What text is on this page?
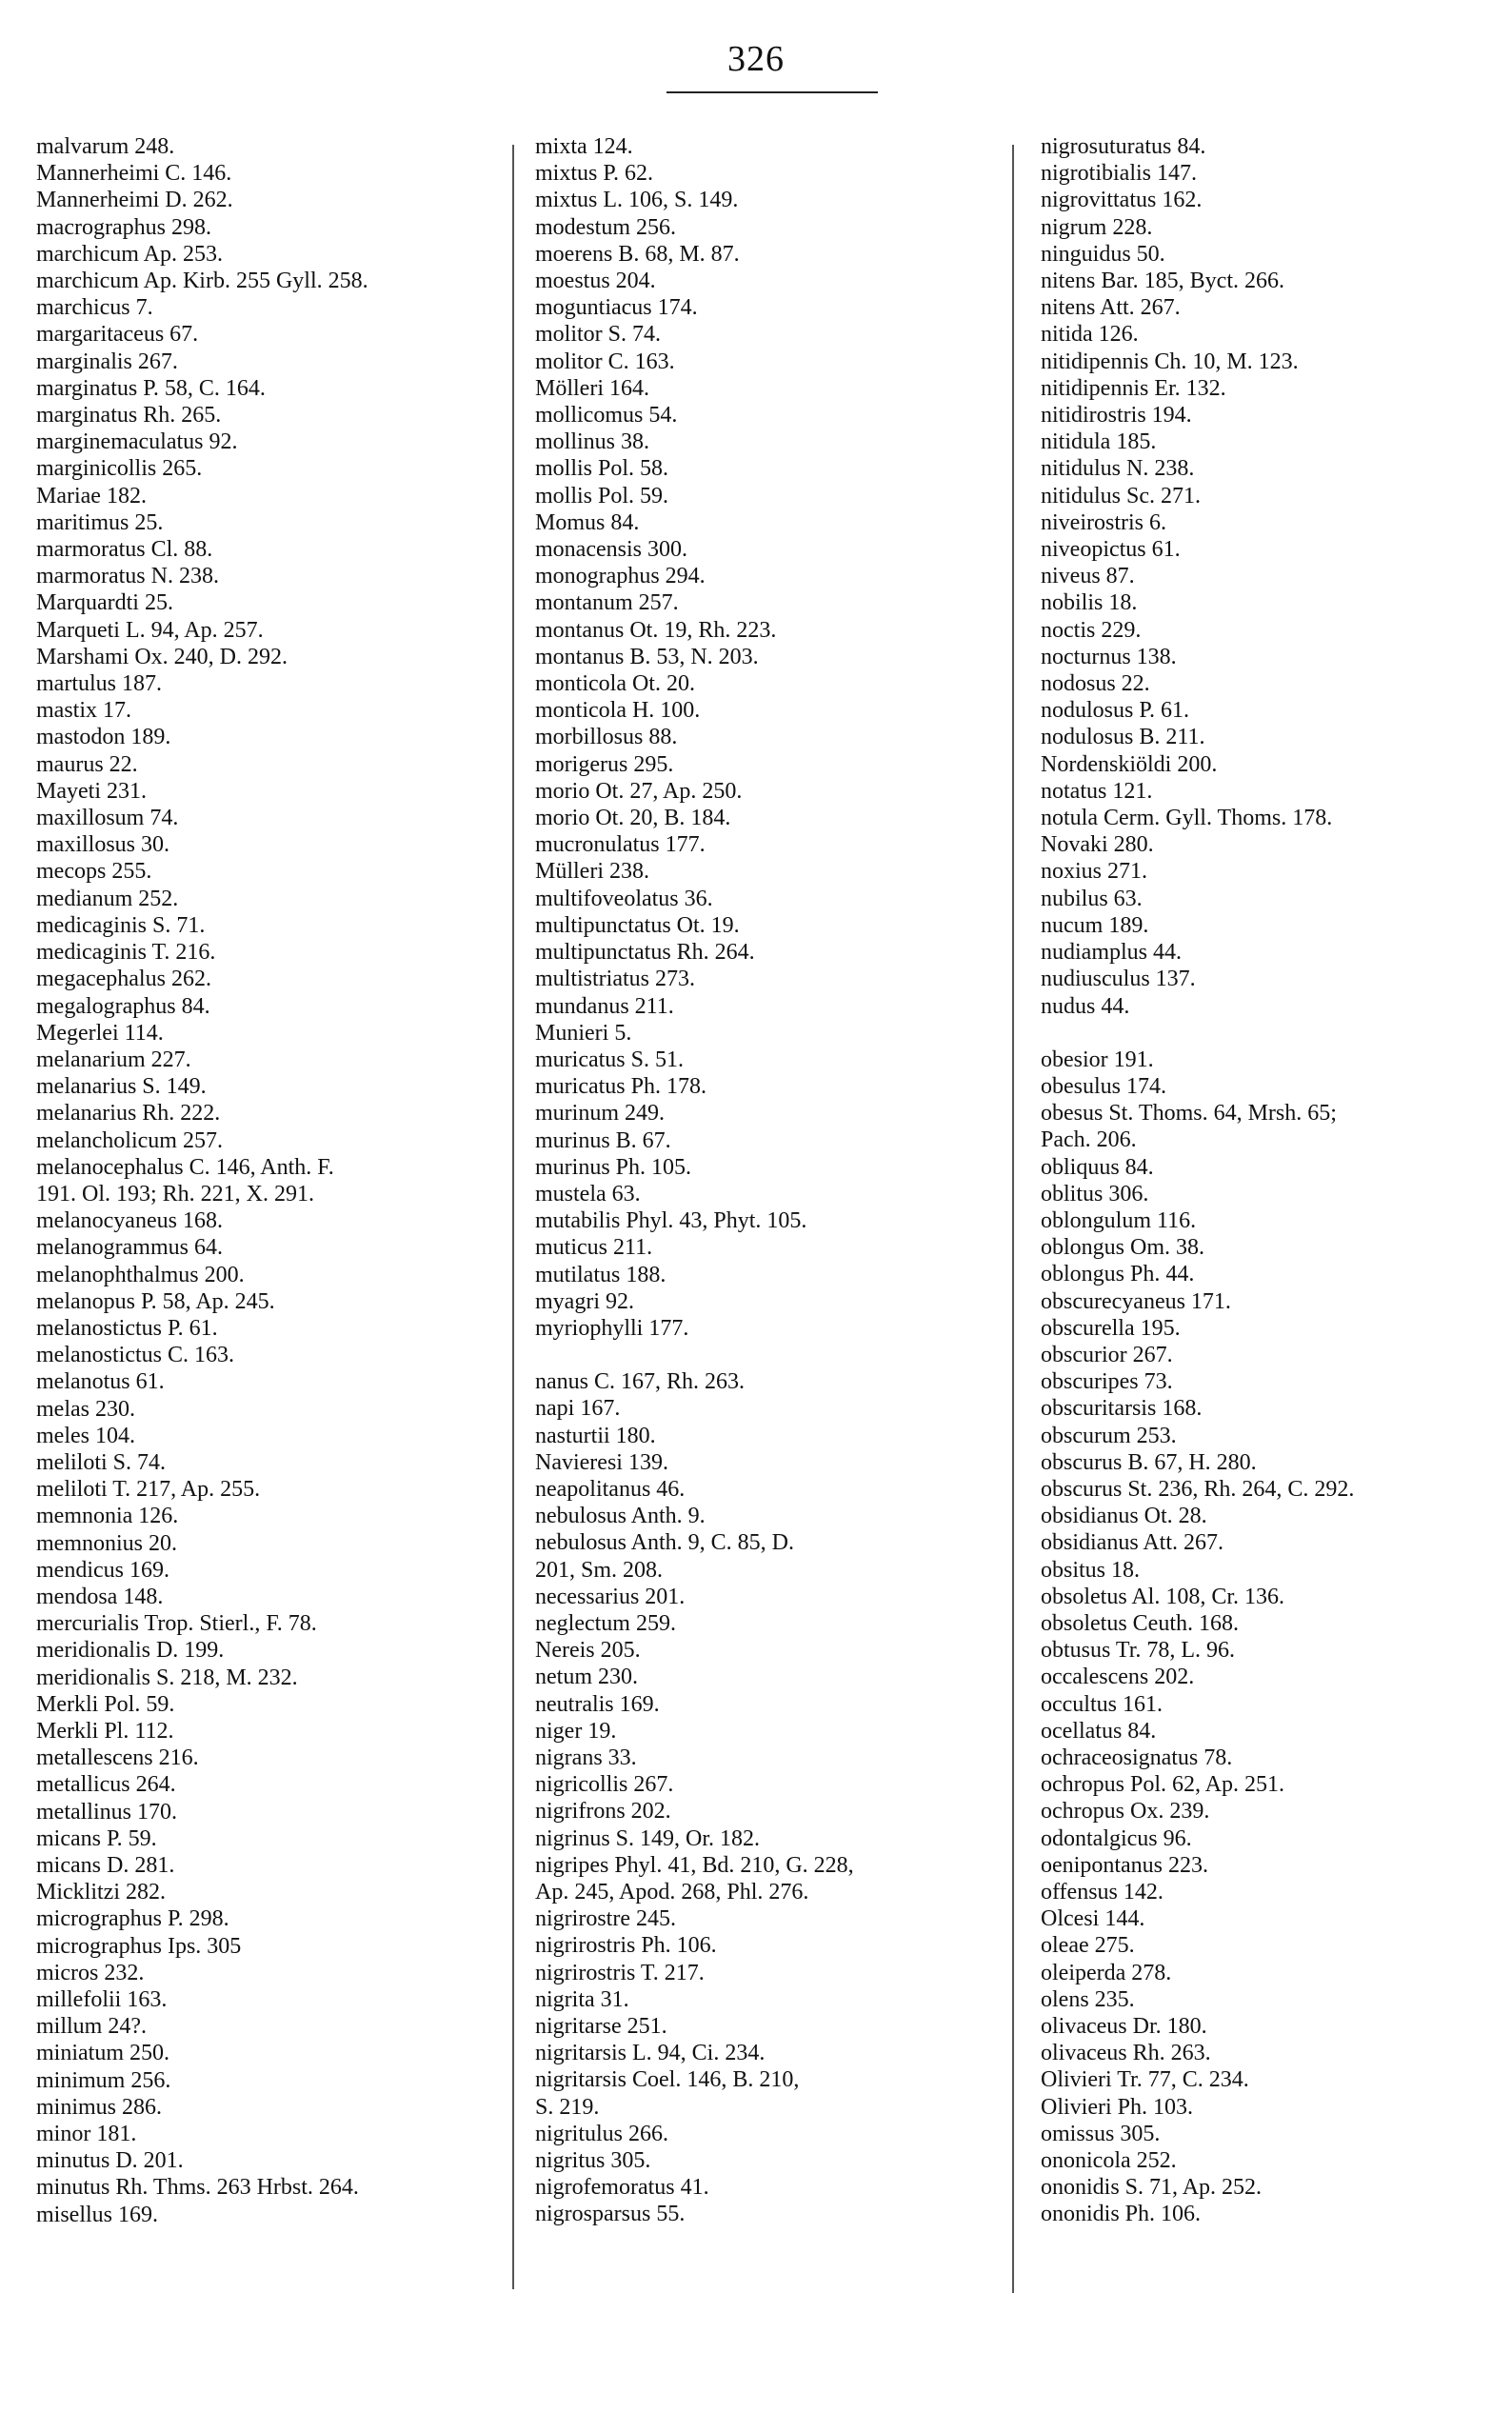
326
malvarum 248.
Mannerheimi C. 146.
Mannerheimi D. 262.
macrographus 298.
marchicum Ap. 253.
marchicum Ap. Kirb. 255 Gyll. 258.
marchicus 7.
margaritaceus 67.
marginalis 267.
marginatus P. 58, C. 164.
marginatus Rh. 265.
marginemaculatus 92.
marginicollis 265.
Mariae 182.
maritimus 25.
marmoratus Cl. 88.
marmoratus N. 238.
Marquardti 25.
Marqueti L. 94, Ap. 257.
Marshami Ox. 240, D. 292.
martulus 187.
mastix 17.
mastodon 189.
maurus 22.
Mayeti 231.
maxillosum 74.
maxillosus 30.
mecops 255.
medianum 252.
medicaginis S. 71.
medicaginis T. 216.
megacephalus 262.
megalographus 84.
Megerlei 114.
melanarium 227.
melanarius S. 149.
melanarius Rh. 222.
melancholicum 257.
melanocephalus C. 146, Anth. F.
191. Ol. 193; Rh. 221, X. 291.
melanocyaneus 168.
melanogrammus 64.
melanophthalmus 200.
melanopus P. 58, Ap. 245.
melanostictus P. 61.
melanostictus C. 163.
melanotus 61.
melas 230.
meles 104.
meliloti S. 74.
meliloti T. 217, Ap. 255.
memnonia 126.
memnonius 20.
mendicus 169.
mendosa 148.
mercurialis Trop. Stierl., F. 78.
meridionalis D. 199.
meridionalis S. 218, M. 232.
Merkli Pol. 59.
Merkli Pl. 112.
metallescens 216.
metallicus 264.
metallinus 170.
micans P. 59.
micans D. 281.
Micklitzi 282.
micrographus P. 298.
micrographus Ips. 305
micros 232.
millefolii 163.
millum 24?.
miniatum 250.
minimum 256.
minimus 286.
minor 181.
minutus D. 201.
minutus Rh. Thms. 263 Hrbst. 264.
misellus 169.
mixta 124.
mixtus P. 62.
mixtus L. 106, S. 149.
modestum 256.
moerens B. 68, M. 87.
moestus 204.
moguntiacus 174.
molitor S. 74.
molitor C. 163.
Mölleri 164.
mollicomus 54.
mollinus 38.
mollis Pol. 58.
mollis Pol. 59.
Momus 84.
monacensis 300.
monographus 294.
montanum 257.
montanus Ot. 19, Rh. 223.
montanus B. 53, N. 203.
monticola Ot. 20.
monticola H. 100.
morbillosus 88.
morigerus 295.
morio Ot. 27, Ap. 250.
morio Ot. 20, B. 184.
mucronulatus 177.
Mülleri 238.
multifoveolatus 36.
multipunctatus Ot. 19.
multipunctatus Rh. 264.
multistriatus 273.
mundanus 211.
Munieri 5.
muricatus S. 51.
muricatus Ph. 178.
murinum 249.
murinus B. 67.
murinus Ph. 105.
mustela 63.
mutabilis Phyl. 43, Phyt. 105.
muticus 211.
mutilatus 188.
myagri 92.
myriophylli 177.
nanus C. 167, Rh. 263.
napi 167.
nasturtii 180.
Navieresi 139.
neapolitanus 46.
nebulosus Anth. 9.
nebulosus Anth. 9, C. 85, D.
201, Sm. 208.
necessarius 201.
neglectum 259.
Nereis 205.
netum 230.
neutralis 169.
niger 19.
nigrans 33.
nigricollis 267.
nigrifrons 202.
nigrinus S. 149, Or. 182.
nigripes Phyl. 41, Bd. 210, G. 228,
Ap. 245, Apod. 268, Phl. 276.
nigrirostre 245.
nigrirostris Ph. 106.
nigrirostris T. 217.
nigrita 31.
nigritarse 251.
nigritarsis L. 94, Ci. 234.
nigritarsis Coel. 146, B. 210,
S. 219.
nigritulus 266.
nigritus 305.
nigrofemoratus 41.
nigrosparsus 55.
nigrosuturatus 84.
nigrotibialis 147.
nigrovittatus 162.
nigrum 228.
ninguidus 50.
nitens Bar. 185, Byct. 266.
nitens Att. 267.
nitida 126.
nitidipennis Ch. 10, M. 123.
nitidipennis Er. 132.
nitidirostris 194.
nitidula 185.
nitidulus N. 238.
nitidulus Sc. 271.
niveirostris 6.
niveopictus 61.
niveus 87.
nobilis 18.
noctis 229.
nocturnus 138.
nodosus 22.
nodulosus P. 61.
nodulosus B. 211.
Nordenskiöldi 200.
notatus 121.
notula Cerm. Gyll. Thoms. 178.
Novaki 280.
noxius 271.
nubilus 63.
nucum 189.
nudiamplus 44.
nudiusculus 137.
nudus 44.
obesior 191.
obesulus 174.
obesus St. Thoms. 64, Mrsh. 65;
Pach. 206.
obliquus 84.
oblitus 306.
oblongulum 116.
oblongus Om. 38.
oblongus Ph. 44.
obscurecyaneus 171.
obscurella 195.
obscurior 267.
obscuripes 73.
obscuritarsis 168.
obscurum 253.
obscurus B. 67, H. 280.
obscurus St. 236, Rh. 264, C. 292.
obsidianus Ot. 28.
obsidianus Att. 267.
obsitus 18.
obsoletus Al. 108, Cr. 136.
obsoletus Ceuth. 168.
obtusus Tr. 78, L. 96.
occalescens 202.
occultus 161.
ocellatus 84.
ochraceosignatus 78.
ochropus Pol. 62, Ap. 251.
ochropus Ox. 239.
odontalgicus 96.
oenipontanus 223.
offensus 142.
Olcesi 144.
oleae 275.
oleiperda 278.
olens 235.
olivaceus Dr. 180.
olivaceus Rh. 263.
Olivieri Tr. 77, C. 234.
Olivieri Ph. 103.
omissus 305.
ononicola 252.
ononidis S. 71, Ap. 252.
ononidis Ph. 106.
